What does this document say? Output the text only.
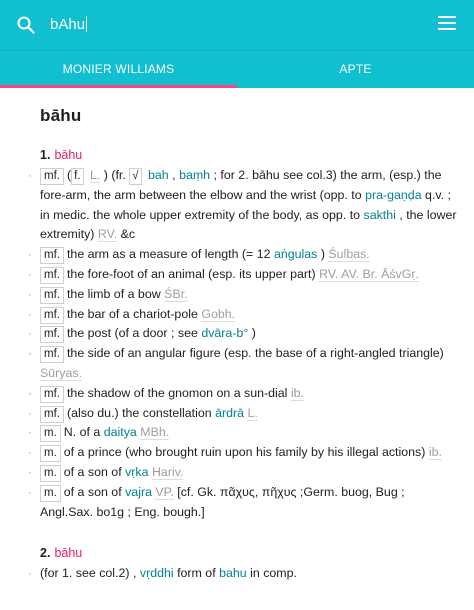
bAhu
MONIER WILLIAMS	APTE
bāhu
1. bāhu
· mf. ( f. L. ) (fr. √ bah , baṃh ; for 2. bāhu see col.3) the arm, (esp.) the fore-arm, the arm between the elbow and the wrist (opp. to pra-gaṇḍa q.v. ; in medic. the whole upper extremity of the body, as opp. to sakthi , the lower extremity) RV. &c
· mf. the arm as a measure of length (= 12 aṅgulas ) Śulbas.
· mf. the fore-foot of an animal (esp. its upper part) RV. AV. Br. ĀśvGṛ.
· mf. the limb of a bow ŚBr.
· mf. the bar of a chariot-pole Gobh.
· mf. the post (of a door ; see dvāra-b° )
· mf. the side of an angular figure (esp. the base of a right-angled triangle) Sūryas.
· mf. the shadow of the gnomon on a sun-dial ib.
· mf. (also du.) the constellation ārdrā L.
· m. N. of a daitya MBh.
· m. of a prince (who brought ruin upon his family by his illegal actions) ib.
· m. of a son of vṛka Hariv.
· m. of a son of vajra VP. [cf. Gk. πᾶχυς, πῆχυς ;Germ. buog, Bug ; Angl.Sax. bo1g ; Eng. bough.]
2. bāhu
· (for 1. see col.2) , vṛddhi form of bahu in comp.
